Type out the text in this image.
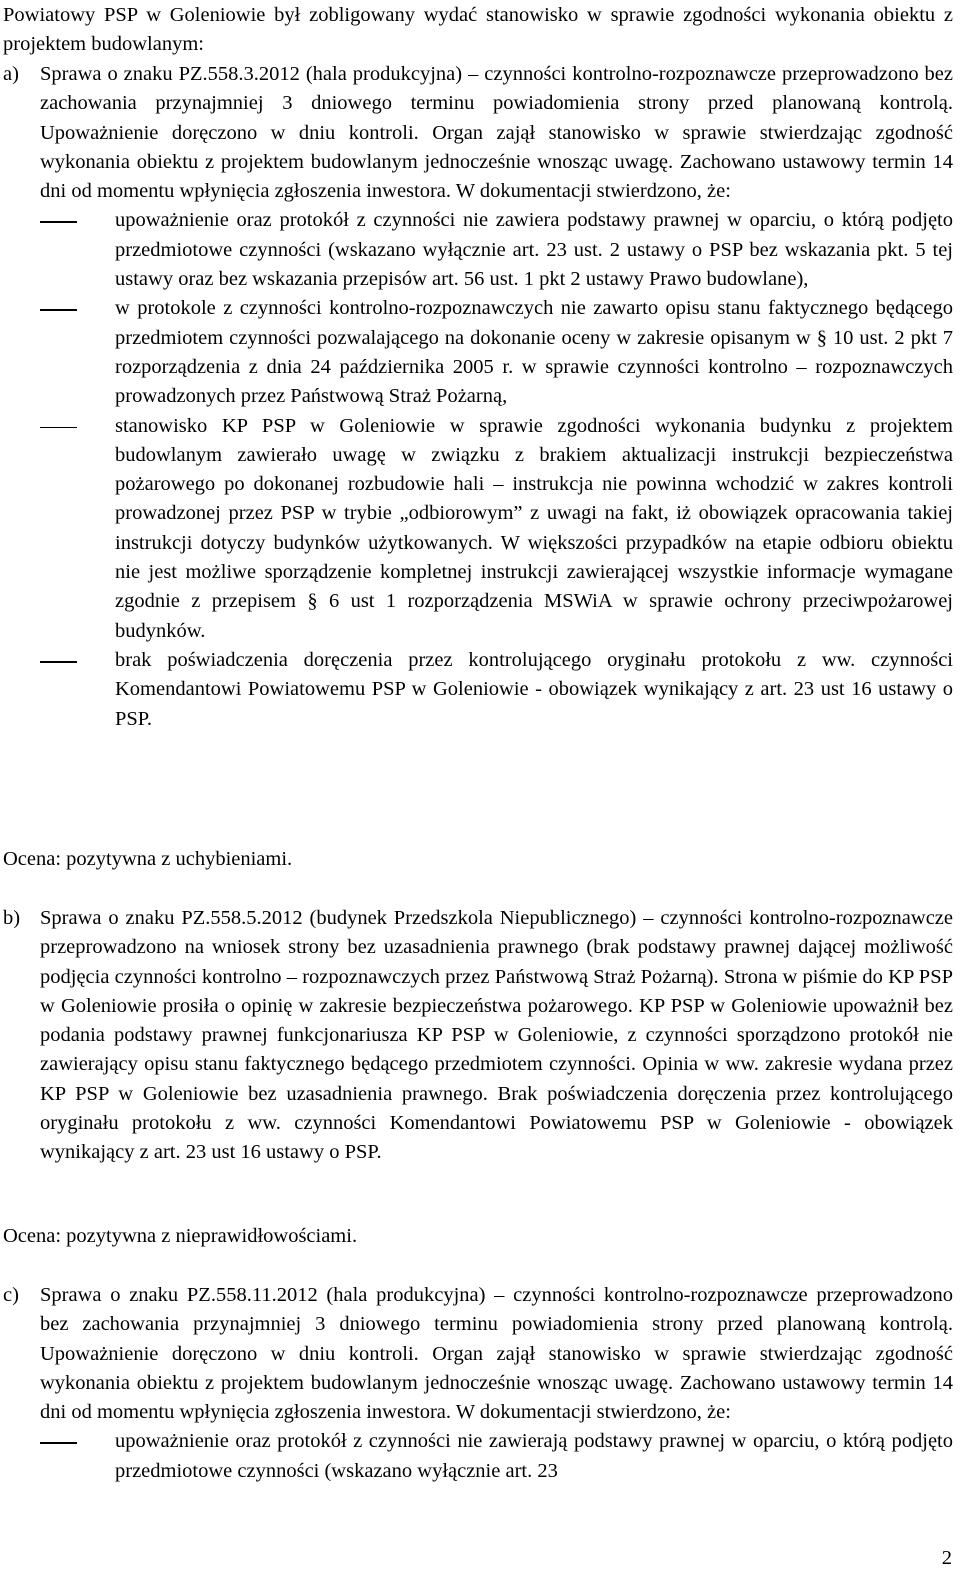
Powiatowy PSP w Goleniowie był zobligowany wydać stanowisko w sprawie zgodności wykonania obiektu z projektem budowlanym:

a)	Sprawa o znaku PZ.558.3.2012 (hala produkcyjna) – czynności kontrolno-rozpoznawcze przeprowadzono bez zachowania przynajmniej 3 dniowego terminu powiadomienia strony przed planowaną kontrolą. Upoważnienie doręczono w dniu kontroli. Organ zajął stanowisko w sprawie stwierdzając zgodność wykonania obiektu z projektem budowlanym jednocześnie wnosząc uwagę. Zachowano ustawowy termin 14 dni od momentu wpłynięcia zgłoszenia inwestora. W dokumentacji stwierdzono, że:
upoważnienie oraz protokół z czynności nie zawiera podstawy prawnej w oparciu, o którą podjęto przedmiotowe czynności (wskazano wyłącznie art. 23 ust. 2 ustawy o PSP bez wskazania pkt. 5 tej ustawy oraz bez wskazania przepisów art. 56 ust. 1 pkt 2 ustawy Prawo budowlane),
w protokole z czynności kontrolno-rozpoznawczych nie zawarto opisu stanu faktycznego będącego przedmiotem czynności pozwalającego na dokonanie oceny w zakresie opisanym w § 10 ust. 2 pkt 7 rozporządzenia z dnia 24 października 2005 r. w sprawie czynności kontrolno – rozpoznawczych prowadzonych przez Państwową Straż Pożarną,
stanowisko KP PSP w Goleniowie w sprawie zgodności wykonania budynku z projektem budowlanym zawierało uwagę w związku z brakiem aktualizacji instrukcji bezpieczeństwa pożarowego po dokonanej rozbudowie hali – instrukcja nie powinna wchodzić w zakres kontroli prowadzonej przez PSP w trybie „odbiorowym” z uwagi na fakt, iż obowiązek opracowania takiej instrukcji dotyczy budynków użytkowanych. W większości przypadków na etapie odbioru obiektu nie jest możliwe sporządzenie kompletnej instrukcji zawierającej wszystkie informacje wymagane zgodnie z przepisem § 6 ust 1 rozporządzenia MSWiA w sprawie ochrony przeciwpożarowej budynków.
brak poświadczenia doręczenia przez kontrolującego oryginału protokołu z ww. czynności Komendantowi Powiatowemu PSP w Goleniowie - obowiązek wynikający z art. 23 ust 16 ustawy o PSP.
Ocena: pozytywna z uchybieniami.
b) Sprawa o znaku PZ.558.5.2012 (budynek Przedszkola Niepublicznego) – czynności kontrolno-rozpoznawcze przeprowadzono na wniosek strony bez uzasadnienia prawnego (brak podstawy prawnej dającej możliwość podjęcia czynności kontrolno – rozpoznawczych przez Państwową Straż Pożarną). Strona w piśmie do KP PSP w Goleniowie prosiła o opinię w zakresie bezpieczeństwa pożarowego. KP PSP w Goleniowie upoważnił bez podania podstawy prawnej funkcjonariusza KP PSP w Goleniowie, z czynności sporządzono protokół nie zawierający opisu stanu faktycznego będącego przedmiotem czynności. Opinia w ww. zakresie wydana przez KP PSP w Goleniowie bez uzasadnienia prawnego. Brak poświadczenia doręczenia przez kontrolującego oryginału protokołu z ww. czynności Komendantowi Powiatowemu PSP w Goleniowie - obowiązek wynikający z art. 23 ust 16 ustawy o PSP.
Ocena: pozytywna z nieprawidłowościami.
c)	Sprawa o znaku PZ.558.11.2012 (hala produkcyjna) – czynności kontrolno-rozpoznawcze przeprowadzono bez zachowania przynajmniej 3 dniowego terminu powiadomienia strony przed planowaną kontrolą. Upoważnienie doręczono w dniu kontroli. Organ zajął stanowisko w sprawie stwierdzając zgodność wykonania obiektu z projektem budowlanym jednocześnie wnosząc uwagę. Zachowano ustawowy termin 14 dni od momentu wpłynięcia zgłoszenia inwestora. W dokumentacji stwierdzono, że:
upoważnienie oraz protokół z czynności nie zawierają podstawy prawnej w oparciu, o którą podjęto przedmiotowe czynności (wskazano wyłącznie art. 23
2
